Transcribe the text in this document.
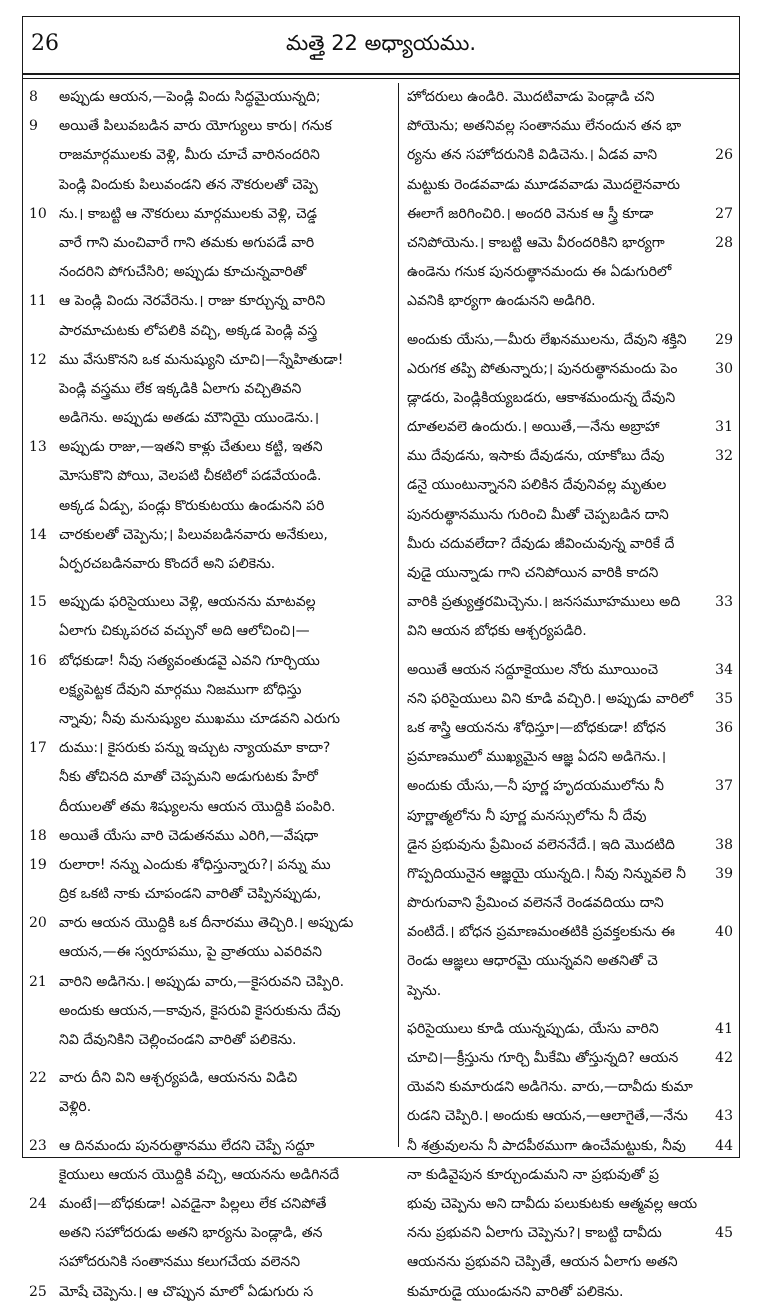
26	మత్తై 22 అధ్యాయము.
8 అప్పుడు ఆయన,—పెండ్లి విందు సిద్ధమైయున్నది;
9 అయితే పిలువబడిన వారు యోగ్యులు కారు। గనుక
రాజమార్గములకు వెళ్లి, మీరు చూచే వారినందరిని
పెండ్లి విందుకు పిలువండని తన నౌకరులతో చెప్పె
10 ను.। కాబట్టి ఆ నౌకరులు మార్గములకు వెళ్లి, చెడ్డ
వారే గాని మంచివారే గాని తమకు అగుపడే వారి
నందరిని పోగుచేసిరి; అప్పుడు కూచున్నవారితో
11 ఆ పెండ్లి విందు నెరవేరెను.। రాజు కూర్చున్న వారిని
పారమాచుటకు లోపలికి వచ్చి, అక్కడ పెండ్లి వస్త్ర
12 ము వేసుకొనని ఒక మనుష్యుని చూచి।—స్నేహితుడా!
పెండ్లి వస్త్రము లేక ఇక్కడికి ఏలాగు వచ్చితివని
అడిగెను. అప్పుడు అతడు మౌనియై యుండెను.।
13 అప్పుడు రాజు,—ఇతని కాళ్లు చేతులు కట్టి, ఇతని
మోసుకొని పోయి, వెలపటి చీకటిలో పడవేయండి.
అక్కడ ఏడ్పు, పండ్లు కొరుకుటయు ఉండునని పరి
14 చారకులతో చెప్పెను;। పిలువబడినవారు అనేకులు,
ఏర్పరచబడినవారు కొందరే అని పలికెను.
15 అప్పుడు ఫరిసైయులు వెళ్లి, ఆయనను మాటవల్ల
ఏలాగు చిక్కుపరచ వచ్చునో అది ఆలోచించి।—
16 బోధకుడా! నీవు సత్యవంతుడవై ఎవని గూర్చియు
లక్ష్యపెట్టక దేవుని మార్గము నిజముగా బోధిస్తు
న్నావు; నీవు మనుష్యుల ముఖము చూడవని ఎరుగు
17 దుము:। కైసరుకు పన్ను ఇచ్చుట న్యాయమా కాదా?
నీకు తోచినది మాతో చెప్పమని అడుగుటకు హేరో
దీయులతో తమ శిష్యులను ఆయన యొద్దికి పంపిరి.
18 అయితే యేసు వారి చెడుతనము ఎరిగి,—వేషధా
19 రులారా! నన్ను ఎందుకు శోధిస్తున్నారు?। పన్ను ము
ద్రిక ఒకటి నాకు చూపండని వారితో చెప్పినప్పుడు,
20 వారు ఆయన యొద్దికి ఒక దీనారము తెచ్చిరి.। అప్పుడు
ఆయన,—ఈ స్వరూపము, పై వ్రాతయు ఎవరివని
21 వారిని అడిగెను.। అప్పుడు వారు,—కైసరువని చెప్పిరి.
అందుకు ఆయన,—కావున, కైసరువి కైసరుకును దేవు
నివి దేవునికిని చెల్లించండని వారితో పలికెను.
22 వారు దీని విని ఆశ్చర్యపడి, ఆయనను విడిచి
వెళ్లిరి.
23 ఆ దినమందు పునరుత్థానము లేదని చెప్పే సద్దూ
కైయులు ఆయన యొద్దికి వచ్చి, ఆయనను అడిగినదే
24 మంటే।—బోధకుడా! ఎవడైనా పిల్లలు లేక చనిపోతే
అతని సహోదరుడు అతని భార్యను పెండ్లాడి, తన
సహోదరునికి సంతానము కలుగచేయ వలెనని
25 మోషే చెప్పెను.। ఆ చొప్పున మాలో ఏడుగురు స
హోదరులు ఉండిరి. మొదటివాడు పెండ్లాడి చని
పోయెను; అతనివల్ల సంతానము లేనందున తన భా
26
ర్యను తన సహోదరునికి విడిచెను.। ఏడవ వాని
మట్టుకు రెండవవాడు మూడవవాడు మొదలైనవారు
27
ఈలాగే జరిగించిరి.। అందరి వెనుక ఆ స్త్రీ కూడా
28
చనిపోయెను.। కాబట్టి ఆమె వీరందరికిని భార్యగా
ఉండెను గనుక పునరుత్థానమందు ఈ ఏడుగురిలో
ఎవనికి భార్యగా ఉండునని అడిగిరి.
29
అందుకు యేసు,—మీరు లేఖనములను, దేవుని శక్తిని
30
ఎరుగక తప్పి పోతున్నారు;। పునరుత్థానమందు పెం
డ్లాడరు, పెండ్లికియ్యబడరు, ఆకాశమందున్న దేవుని
31
దూతలవలె ఉందురు.। అయితే,—నేను అబ్రాహా
32
ము దేవుడను, ఇసాకు దేవుడను, యాకోబు దేవు
డనై యుంటున్నానని పలికిన దేవునివల్ల మృతుల
పునరుత్థానమును గురించి మీతో చెప్పబడిన దాని
మీరు చదువలేదా? దేవుడు జీవించువున్న వారికే దే
వుడై యున్నాడు గాని చనిపోయిన వారికి కాదని
33
వారికి ప్రత్యుత్తరమిచ్చెను.। జనసమూహములు అది
విని ఆయన బోధకు ఆశ్చర్యపడిరి.
34
అయితే ఆయన సద్దూకైయుల నోరు మూయించె
35
నని ఫరిసైయులు విని కూడి వచ్చిరి.। అప్పుడు వారిలో
36
ఒక శాస్త్రి ఆయనను శోధిస్తూ।—బోధకుడా! బోధన
ప్రమాణములో ముఖ్యమైన ఆజ్ఞ ఏదని అడిగెను.।
37
అందుకు యేసు,—నీ పూర్ణ హృదయములోను నీ
పూర్ణాత్మలోను నీ పూర్ణ మనస్సులోను నీ దేవు
38
డైన ప్రభువును ప్రేమించ వలెననేదే.। ఇది మొదటిది
39
గొప్పదియునైన ఆజ్ఞయై యున్నది.। నీవు నిన్నువలె నీ
పొరుగువాని ప్రేమించ వలెననే రెండవదియు దాని
40
వంటిదే.। బోధన ప్రమాణమంతటికి ప్రవక్తలకును ఈ
రెండు ఆజ్ఞలు ఆధారమై యున్నవని అతనితో చె
ప్పెను.
41
ఫరిసైయులు కూడి యున్నప్పుడు, యేసు వారిని
42
చూచి।—క్రీస్తును గూర్చి మీకేమి తోస్తున్నది? ఆయన
యెవని కుమారుడని అడిగెను. వారు,—దావీదు కుమా
43
రుడని చెప్పిరి.। అందుకు ఆయన,—ఆలాగైతే,—నేను
44
నీ శత్రువులను నీ పాదపీఠముగా ఉంచేమట్టుకు, నీవు
నా కుడివైపున కూర్చుండుమని నా ప్రభువుతో ప్ర
భువు చెప్పెను అని దావీదు పలుకుటకు ఆత్మవల్ల ఆయ
45
నను ప్రభువని ఏలాగు చెప్పెను?। కాబట్టి దావీదు
ఆయనను ప్రభువని చెప్పితే, ఆయన ఏలాగు అతని
కుమారుడై యుండునని వారితో పలికెను.
